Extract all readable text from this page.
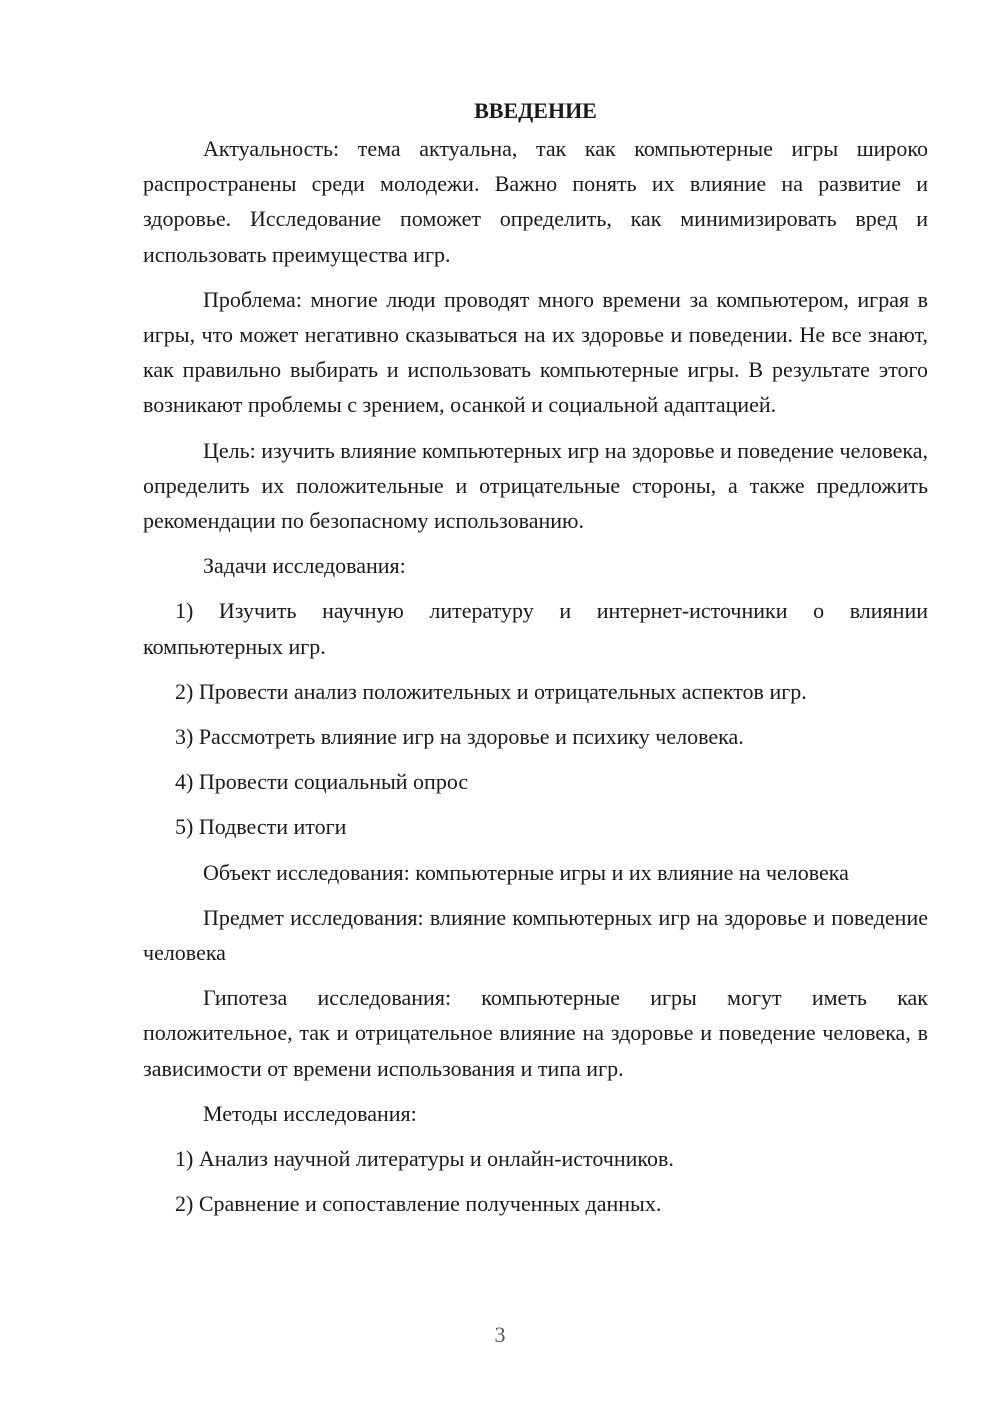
ВВЕДЕНИЕ

Актуальность: тема актуальна, так как компьютерные игры широко распространены среди молодежи. Важно понять их влияние на развитие и здоровье. Исследование поможет определить, как минимизировать вред и использовать преимущества игр.

Проблема: многие люди проводят много времени за компьютером, играя в игры, что может негативно сказываться на их здоровье и поведении. Не все знают, как правильно выбирать и использовать компьютерные игры. В результате этого возникают проблемы с зрением, осанкой и социальной адаптацией.

Цель: изучить влияние компьютерных игр на здоровье и поведение человека, определить их положительные и отрицательные стороны, а также предложить рекомендации по безопасному использованию.

Задачи исследования:

1) Изучить научную литературу и интернет-источники о влиянии компьютерных игр.

2) Провести анализ положительных и отрицательных аспектов игр.

3) Рассмотреть влияние игр на здоровье и психику человека.

4) Провести социальный опрос

5) Подвести итоги

Объект исследования: компьютерные игры и их влияние на человека

Предмет исследования: влияние компьютерных игр на здоровье и поведение человека

Гипотеза исследования: компьютерные игры могут иметь как положительное, так и отрицательное влияние на здоровье и поведение человека, в зависимости от времени использования и типа игр.

Методы исследования:

1) Анализ научной литературы и онлайн-источников.

2) Сравнение и сопоставление полученных данных.

3
